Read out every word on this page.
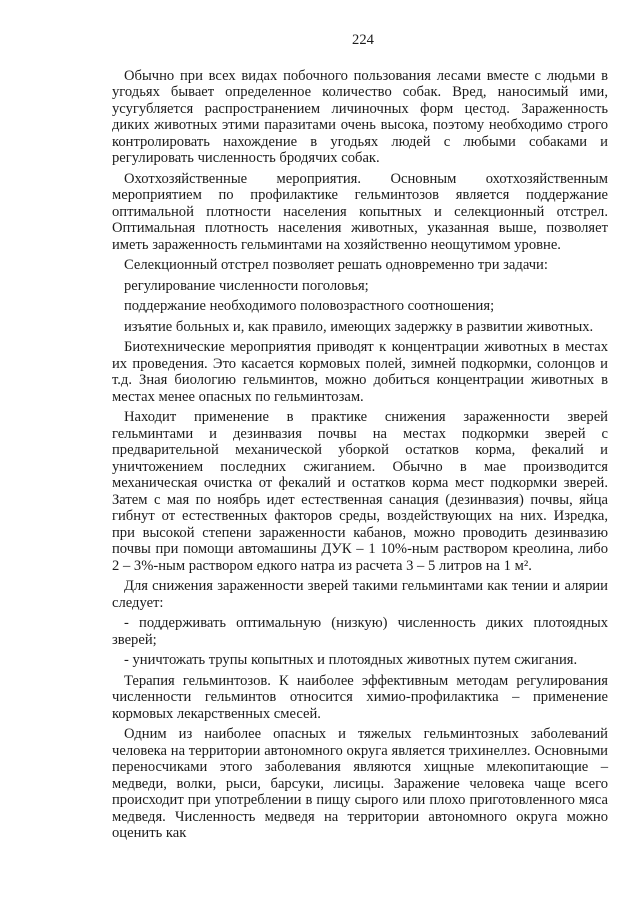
224

Обычно при всех видах побочного пользования лесами вместе с людьми в угодьях бывает определенное количество собак. Вред, наносимый ими, усугубляется распространением личиночных форм цестод. Зараженность диких животных этими паразитами очень высока, поэтому необходимо строго контролировать нахождение в угодьях людей с любыми собаками и регулировать численность бродячих собак.

Охотхозяйственные мероприятия. Основным охотхозяйственным мероприятием по профилактике гельминтозов является поддержание оптимальной плотности населения копытных и селекционный отстрел. Оптимальная плотность населения животных, указанная выше, позволяет иметь зараженность гельминтами на хозяйственно неощутимом уровне.

Селекционный отстрел позволяет решать одновременно три задачи:

регулирование численности поголовья;

поддержание необходимого половозрастного соотношения;

изъятие больных и, как правило, имеющих задержку в развитии животных.

Биотехнические мероприятия приводят к концентрации животных в местах их проведения. Это касается кормовых полей, зимней подкормки, солонцов и т.д. Зная биологию гельминтов, можно добиться концентрации животных в местах менее опасных по гельминтозам.

Находит применение в практике снижения зараженности зверей гельминтами и дезинвазия почвы на местах подкормки зверей с предварительной механической уборкой остатков корма, фекалий и уничтожением последних сжиганием. Обычно в мае производится механическая очистка от фекалий и остатков корма мест подкормки зверей. Затем с мая по ноябрь идет естественная санация (дезинвазия) почвы, яйца гибнут от естественных факторов среды, воздействующих на них. Изредка, при высокой степени зараженности кабанов, можно проводить дезинвазию почвы при помощи автомашины ДУК – 1 10%-ным раствором креолина, либо 2 – 3%-ным раствором едкого натра из расчета 3 – 5 литров на 1 м².

Для снижения зараженности зверей такими гельминтами как тении и алярии следует:

- поддерживать оптимальную (низкую) численность диких плотоядных зверей;

- уничтожать трупы копытных и плотоядных животных путем сжигания.

Терапия гельминтозов. К наиболее эффективным методам регулирования численности гельминтов относится химио-профилактика – применение кормовых лекарственных смесей.

Одним из наиболее опасных и тяжелых гельминтозных заболеваний человека на территории автономного округа является трихинеллез. Основными переносчиками этого заболевания являются хищные млекопитающие – медведи, волки, рыси, барсуки, лисицы. Заражение человека чаще всего происходит при употреблении в пищу сырого или плохо приготовленного мяса медведя. Численность медведя на территории автономного округа можно оценить как
